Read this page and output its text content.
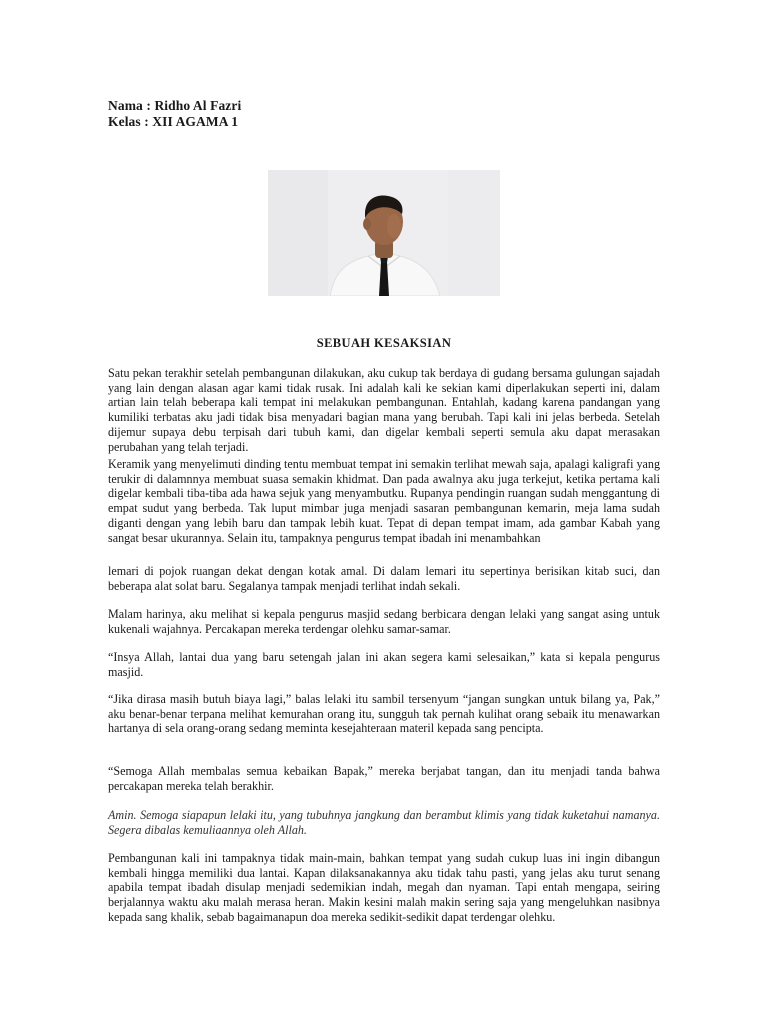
Nama : Ridho Al Fazri
Kelas : XII AGAMA 1
SEBUAH KESAKSIAN

Satu pekan terakhir setelah pembangunan dilakukan, aku cukup tak berdaya di gudang bersama gulungan sajadah yang lain dengan alasan agar kami tidak rusak. Ini adalah kali ke sekian kami diperlakukan seperti ini, dalam artian lain telah beberapa kali tempat ini melakukan pembangunan. Entahlah, kadang karena pandangan yang kumiliki terbatas aku jadi tidak bisa menyadari bagian mana yang berubah. Tapi kali ini jelas berbeda. Setelah dijemur supaya debu terpisah dari tubuh kami, dan digelar kembali seperti semula aku dapat merasakan perubahan yang telah terjadi.

Keramik yang menyelimuti dinding tentu membuat tempat ini semakin terlihat mewah saja, apalagi kaligrafi yang terukir di dalamnnya membuat suasa semakin khidmat. Dan pada awalnya aku juga terkejut, ketika pertama kali digelar kembali tiba-tiba ada hawa sejuk yang menyambutku. Rupanya pendingin ruangan sudah menggantung di empat sudut yang berbeda. Tak luput mimbar juga menjadi sasaran pembangunan kemarin, meja lama sudah diganti dengan yang lebih baru dan tampak lebih kuat. Tepat di depan tempat imam, ada gambar Kabah yang sangat besar ukurannya. Selain itu, tampaknya pengurus tempat ibadah ini menambahkan

lemari di pojok ruangan dekat dengan kotak amal. Di dalam lemari itu sepertinya berisikan kitab suci, dan beberapa alat solat baru. Segalanya tampak menjadi terlihat indah sekali.

Malam harinya, aku melihat si kepala pengurus masjid sedang berbicara dengan lelaki yang sangat asing untuk kukenali wajahnya. Percakapan mereka terdengar olehku samar-samar.

“Insya Allah, lantai dua yang baru setengah jalan ini akan segera kami selesaikan,” kata si kepala pengurus masjid.

“Jika dirasa masih butuh biaya lagi,” balas lelaki itu sambil tersenyum “jangan sungkan untuk bilang ya, Pak,” aku benar-benar terpana melihat kemurahan orang itu, sungguh tak pernah kulihat orang sebaik itu menawarkan hartanya di sela orang-orang sedang meminta kesejahteraan materil kepada sang pencipta.

“Semoga Allah membalas semua kebaikan Bapak,” mereka berjabat tangan, dan itu menjadi tanda bahwa percakapan mereka telah berakhir.

Amin. Semoga siapapun lelaki itu, yang tubuhnya jangkung dan berambut klimis yang tidak kuketahui namanya. Segera dibalas kemuliaannya oleh Allah.

Pembangunan kali ini tampaknya tidak main-main, bahkan tempat yang sudah cukup luas ini ingin dibangun kembali hingga memiliki dua lantai. Kapan dilaksanakannya aku tidak tahu pasti, yang jelas aku turut senang apabila tempat ibadah disulap menjadi sedemikian indah, megah dan nyaman. Tapi entah mengapa, seiring berjalannya waktu aku malah merasa heran. Makin kesini malah makin sering saja yang mengeluhkan nasibnya kepada sang khalik, sebab bagaimanapun doa mereka sedikit-sedikit dapat terdengar olehku.
